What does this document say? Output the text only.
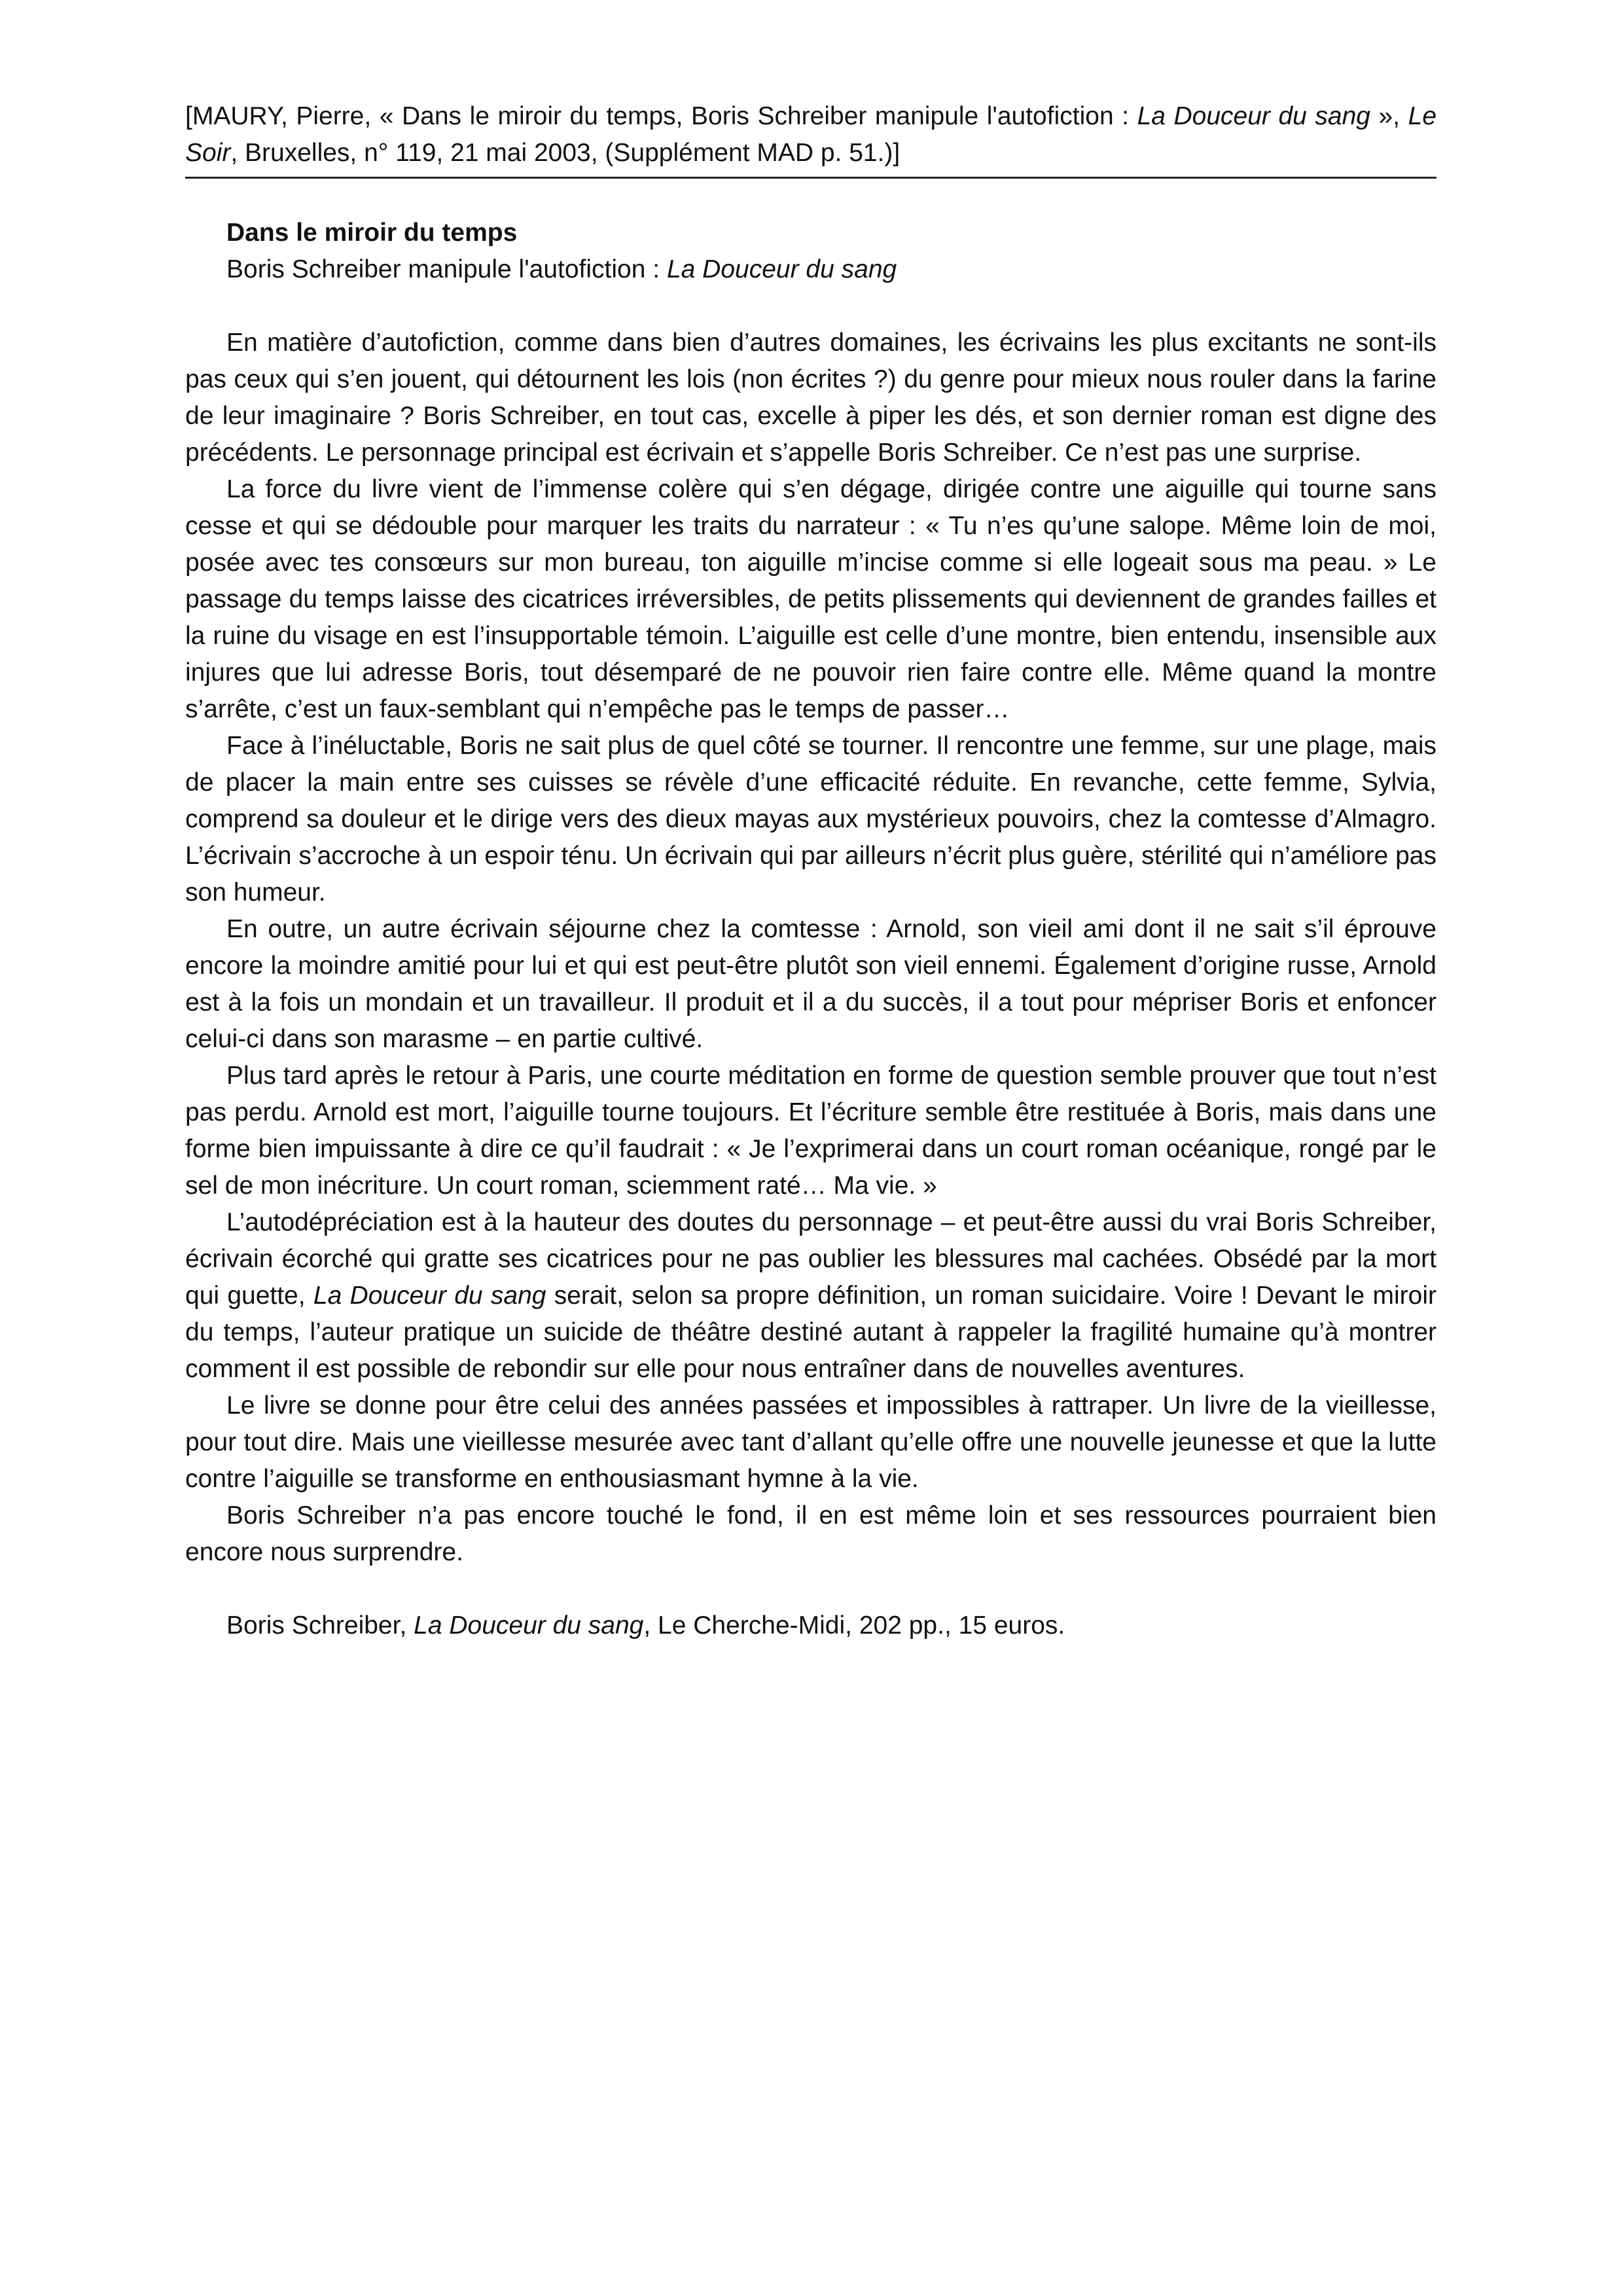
[MAURY, Pierre, « Dans le miroir du temps, Boris Schreiber manipule l'autofiction : La Douceur du sang », Le Soir, Bruxelles, n° 119, 21 mai 2003, (Supplément MAD p. 51.)]
Dans le miroir du temps
Boris Schreiber manipule l'autofiction : La Douceur du sang

En matière d’autofiction, comme dans bien d’autres domaines, les écrivains les plus excitants ne sont-ils pas ceux qui s’en jouent, qui détournent les lois (non écrites ?) du genre pour mieux nous rouler dans la farine de leur imaginaire ? Boris Schreiber, en tout cas, excelle à piper les dés, et son dernier roman est digne des précédents. Le personnage principal est écrivain et s’appelle Boris Schreiber. Ce n’est pas une surprise.

La force du livre vient de l’immense colère qui s’en dégage, dirigée contre une aiguille qui tourne sans cesse et qui se dédouble pour marquer les traits du narrateur : « Tu n’es qu’une salope. Même loin de moi, posée avec tes consœurs sur mon bureau, ton aiguille m’incise comme si elle logeait sous ma peau. » Le passage du temps laisse des cicatrices irréversibles, de petits plissements qui deviennent de grandes failles et la ruine du visage en est l’insupportable témoin. L’aiguille est celle d’une montre, bien entendu, insensible aux injures que lui adresse Boris, tout désemparé de ne pouvoir rien faire contre elle. Même quand la montre s’arrête, c’est un faux-semblant qui n’empêche pas le temps de passer…

Face à l’inéluctable, Boris ne sait plus de quel côté se tourner. Il rencontre une femme, sur une plage, mais de placer la main entre ses cuisses se révèle d’une efficacité réduite. En revanche, cette femme, Sylvia, comprend sa douleur et le dirige vers des dieux mayas aux mystérieux pouvoirs, chez la comtesse d’Almagro. L’écrivain s’accroche à un espoir ténu. Un écrivain qui par ailleurs n’écrit plus guère, stérilité qui n’améliore pas son humeur.

En outre, un autre écrivain séjourne chez la comtesse : Arnold, son vieil ami dont il ne sait s’il éprouve encore la moindre amitié pour lui et qui est peut-être plutôt son vieil ennemi. Également d’origine russe, Arnold est à la fois un mondain et un travailleur. Il produit et il a du succès, il a tout pour mépriser Boris et enfoncer celui-ci dans son marasme – en partie cultivé.

Plus tard après le retour à Paris, une courte méditation en forme de question semble prouver que tout n’est pas perdu. Arnold est mort, l’aiguille tourne toujours. Et l’écriture semble être restituée à Boris, mais dans une forme bien impuissante à dire ce qu’il faudrait : « Je l’exprimerai dans un court roman océanique, rongé par le sel de mon inécriture. Un court roman, sciemment raté… Ma vie. »

L’autodépréciation est à la hauteur des doutes du personnage – et peut-être aussi du vrai Boris Schreiber, écrivain écorché qui gratte ses cicatrices pour ne pas oublier les blessures mal cachées. Obsédé par la mort qui guette, La Douceur du sang serait, selon sa propre définition, un roman suicidaire. Voire ! Devant le miroir du temps, l’auteur pratique un suicide de théâtre destiné autant à rappeler la fragilité humaine qu’à montrer comment il est possible de rebondir sur elle pour nous entraîner dans de nouvelles aventures.

Le livre se donne pour être celui des années passées et impossibles à rattraper. Un livre de la vieillesse, pour tout dire. Mais une vieillesse mesurée avec tant d’allant qu’elle offre une nouvelle jeunesse et que la lutte contre l’aiguille se transforme en enthousiasmant hymne à la vie.

Boris Schreiber n’a pas encore touché le fond, il en est même loin et ses ressources pourraient bien encore nous surprendre.

Boris Schreiber, La Douceur du sang, Le Cherche-Midi, 202 pp., 15 euros.
